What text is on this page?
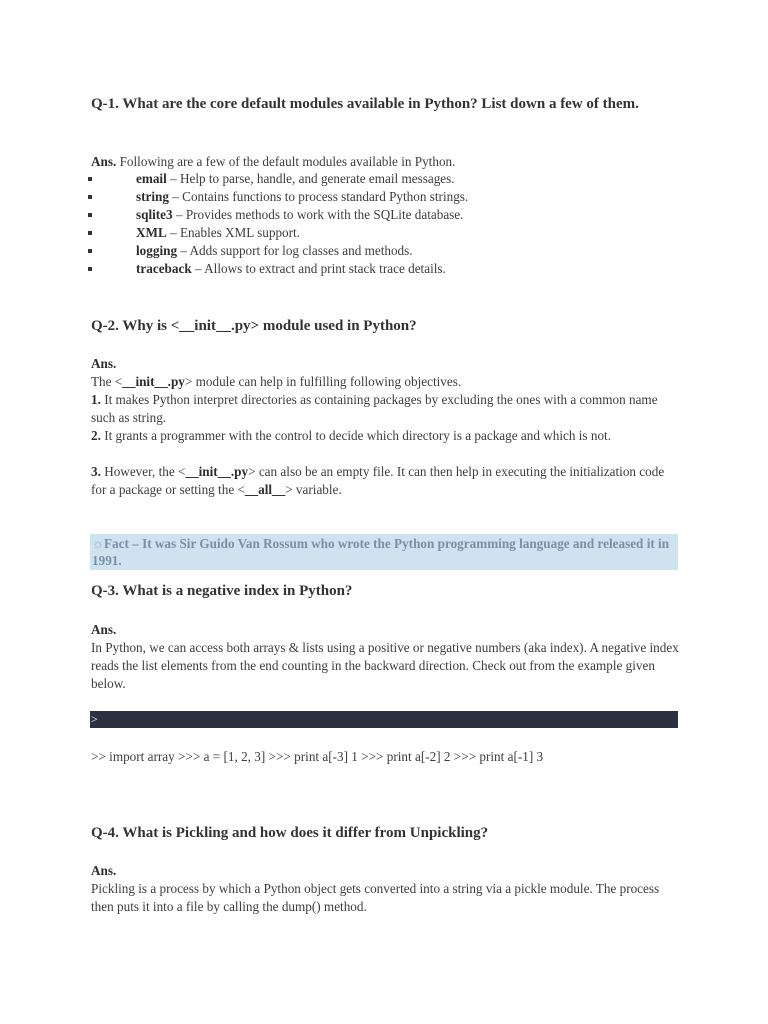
Q-1. What are the core default modules available in Python? List down a few of them.
Ans. Following are a few of the default modules available in Python.
email – Help to parse, handle, and generate email messages.
string – Contains functions to process standard Python strings.
sqlite3 – Provides methods to work with the SQLite database.
XML – Enables XML support.
logging – Adds support for log classes and methods.
traceback – Allows to extract and print stack trace details.
Q-2. Why is <__init__.py> module used in Python?
Ans.
The <__init__.py> module can help in fulfilling following objectives.
1. It makes Python interpret directories as containing packages by excluding the ones with a common name such as string.
2. It grants a programmer with the control to decide which directory is a package and which is not.
3. However, the <__init__.py> can also be an empty file. It can then help in executing the initialization code for a package or setting the <__all__> variable.
☼Fact – It was Sir Guido Van Rossum who wrote the Python programming language and released it in 1991.
Q-3. What is a negative index in Python?
Ans.
In Python, we can access both arrays & lists using a positive or negative numbers (aka index). A negative index reads the list elements from the end counting in the backward direction. Check out from the example given below.
>
>> import array >>> a = [1, 2, 3] >>> print a[-3] 1 >>> print a[-2] 2 >>> print a[-1] 3
Q-4. What is Pickling and how does it differ from Unpickling?
Ans.
Pickling is a process by which a Python object gets converted into a string via a pickle module. The process then puts it into a file by calling the dump() method.
